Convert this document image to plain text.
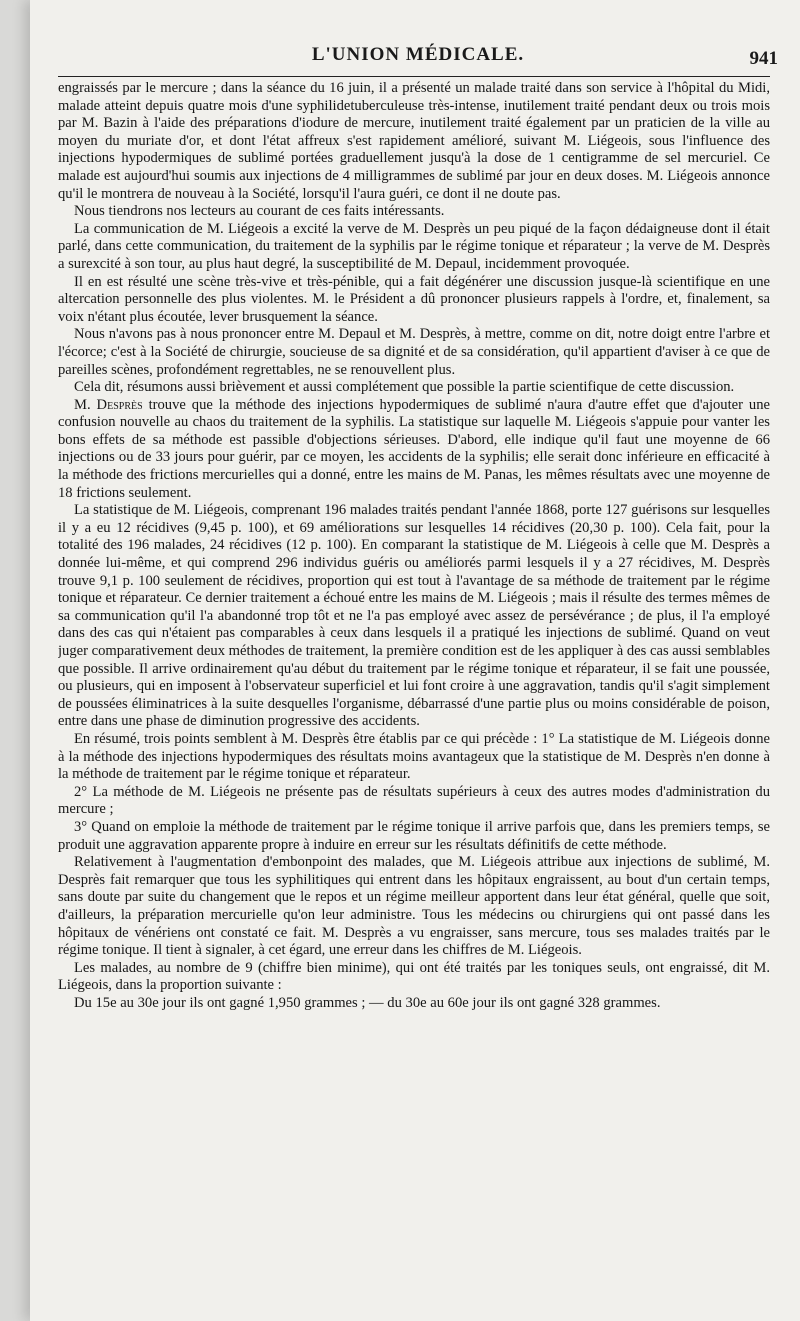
L'UNION MÉDICALE.	941

engraissés par le mercure ; dans la séance du 16 juin, il a présenté un malade traité dans son service à l'hôpital du Midi, malade atteint depuis quatre mois d'une syphilidetuberculeuse très-intense, inutilement traité pendant deux ou trois mois par M. Bazin à l'aide des préparations d'iodure de mercure, inutilement traité également par un praticien de la ville au moyen du muriate d'or, et dont l'état affreux s'est rapidement amélioré, suivant M. Liégeois, sous l'influence des injections hypodermiques de sublimé portées graduellement jusqu'à la dose de 1 centigramme de sel mercuriel. Ce malade est aujourd'hui soumis aux injections de 4 milligrammes de sublimé par jour en deux doses. M. Liégeois annonce qu'il le montrera de nouveau à la Société, lorsqu'il l'aura guéri, ce dont il ne doute pas.

Nous tiendrons nos lecteurs au courant de ces faits intéressants.

La communication de M. Liégeois a excité la verve de M. Desprès un peu piqué de la façon dédaigneuse dont il était parlé, dans cette communication, du traitement de la syphilis par le régime tonique et réparateur ; la verve de M. Desprès a surexcité à son tour, au plus haut degré, la susceptibilité de M. Depaul, incidemment provoquée.

Il en est résulté une scène très-vive et très-pénible, qui a fait dégénérer une discussion jusque-là scientifique en une altercation personnelle des plus violentes. M. le Président a dû prononcer plusieurs rappels à l'ordre, et, finalement, sa voix n'étant plus écoutée, lever brusquement la séance.

Nous n'avons pas à nous prononcer entre M. Depaul et M. Desprès, à mettre, comme on dit, notre doigt entre l'arbre et l'écorce; c'est à la Société de chirurgie, soucieuse de sa dignité et de sa considération, qu'il appartient d'aviser à ce que de pareilles scènes, profondément regrettables, ne se renouvellent plus.

Cela dit, résumons aussi brièvement et aussi complétement que possible la partie scientifique de cette discussion.

M. Desprès trouve que la méthode des injections hypodermiques de sublimé n'aura d'autre effet que d'ajouter une confusion nouvelle au chaos du traitement de la syphilis. La statistique sur laquelle M. Liégeois s'appuie pour vanter les bons effets de sa méthode est passible d'objections sérieuses. D'abord, elle indique qu'il faut une moyenne de 66 injections ou de 33 jours pour guérir, par ce moyen, les accidents de la syphilis; elle serait donc inférieure en efficacité à la méthode des frictions mercurielles qui a donné, entre les mains de M. Panas, les mêmes résultats avec une moyenne de 18 frictions seulement.

La statistique de M. Liégeois, comprenant 196 malades traités pendant l'année 1868, porte 127 guérisons sur lesquelles il y a eu 12 récidives (9,45 p. 100), et 69 améliorations sur lesquelles 14 récidives (20,30 p. 100). Cela fait, pour la totalité des 196 malades, 24 récidives (12 p. 100). En comparant la statistique de M. Liégeois à celle que M. Desprès a donnée lui-même, et qui comprend 296 individus guéris ou améliorés parmi lesquels il y a 27 récidives, M. Desprès trouve 9,1 p. 100 seulement de récidives, proportion qui est tout à l'avantage de sa méthode de traitement par le régime tonique et réparateur. Ce dernier traitement a échoué entre les mains de M. Liégeois ; mais il résulte des termes mêmes de sa communication qu'il l'a abandonné trop tôt et ne l'a pas employé avec assez de persévérance ; de plus, il l'a employé dans des cas qui n'étaient pas comparables à ceux dans lesquels il a pratiqué les injections de sublimé. Quand on veut juger comparativement deux méthodes de traitement, la première condition est de les appliquer à des cas aussi semblables que possible. Il arrive ordinairement qu'au début du traitement par le régime tonique et réparateur, il se fait une poussée, ou plusieurs, qui en imposent à l'observateur superficiel et lui font croire à une aggravation, tandis qu'il s'agit simplement de poussées éliminatrices à la suite desquelles l'organisme, débarrassé d'une partie plus ou moins considérable de poison, entre dans une phase de diminution progressive des accidents.

En résumé, trois points semblent à M. Desprès être établis par ce qui précède : 1° La statistique de M. Liégeois donne à la méthode des injections hypodermiques des résultats moins avantageux que la statistique de M. Desprès n'en donne à la méthode de traitement par le régime tonique et réparateur.

2° La méthode de M. Liégeois ne présente pas de résultats supérieurs à ceux des autres modes d'administration du mercure ;

3° Quand on emploie la méthode de traitement par le régime tonique il arrive parfois que, dans les premiers temps, se produit une aggravation apparente propre à induire en erreur sur les résultats définitifs de cette méthode.

Relativement à l'augmentation d'embonpoint des malades, que M. Liégeois attribue aux injections de sublimé, M. Desprès fait remarquer que tous les syphilitiques qui entrent dans les hôpitaux engraissent, au bout d'un certain temps, sans doute par suite du changement que le repos et un régime meilleur apportent dans leur état général, quelle que soit, d'ailleurs, la préparation mercurielle qu'on leur administre. Tous les médecins ou chirurgiens qui ont passé dans les hôpitaux de vénériens ont constaté ce fait. M. Desprès a vu engraisser, sans mercure, tous ses malades traités par le régime tonique. Il tient à signaler, à cet égard, une erreur dans les chiffres de M. Liégeois.

Les malades, au nombre de 9 (chiffre bien minime), qui ont été traités par les toniques seuls, ont engraissé, dit M. Liégeois, dans la proportion suivante :

Du 15e au 30e jour ils ont gagné 1,950 grammes ; — du 30e au 60e jour ils ont gagné 328 grammes.
